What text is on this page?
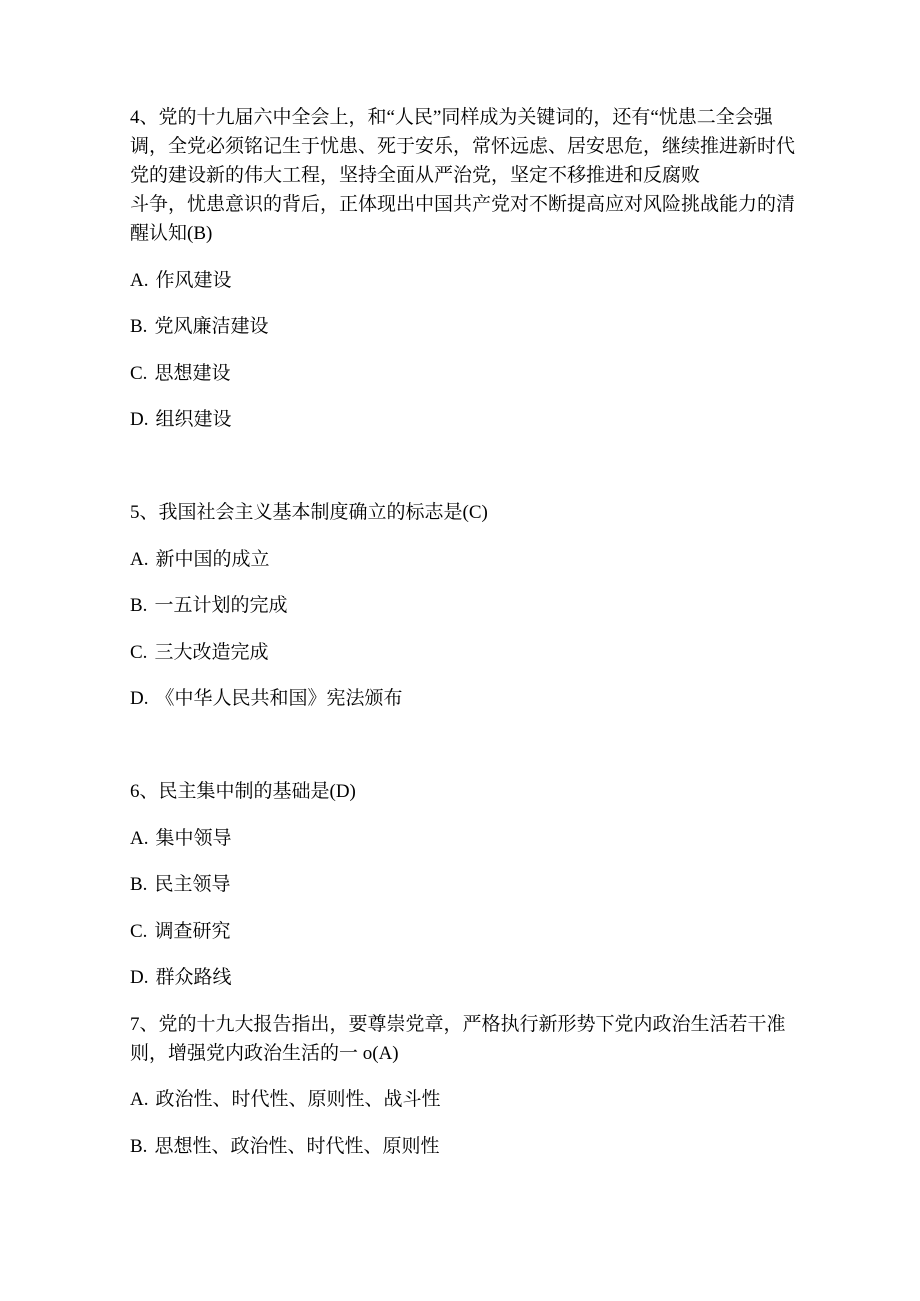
4、党的十九届六中全会上，和“人民”同样成为关键词的，还有“忧患二全会强
调，全党必须铭记生于忧患、死于安乐，常怀远虑、居安思危，继续推进新时代
党的建设新的伟大工程，坚持全面从严治党，坚定不移推进和反腐败
斗争，忧患意识的背后，正体现出中国共产党对不断提高应对风险挑战能力的清
醒认知(B)
A. 作风建设
B. 党风廉洁建设
C. 思想建设
D. 组织建设
5、我国社会主义基本制度确立的标志是(C)
A. 新中国的成立
B. 一五计划的完成
C. 三大改造完成
D. 《中华人民共和国》宪法颁布
6、民主集中制的基础是(D)
A. 集中领导
B. 民主领导
C. 调查研究
D. 群众路线
7、党的十九大报告指出，要尊崇党章，严格执行新形势下党内政治生活若干准
则，增强党内政治生活的一 o(A)
A. 政治性、时代性、原则性、战斗性
B. 思想性、政治性、时代性、原则性
